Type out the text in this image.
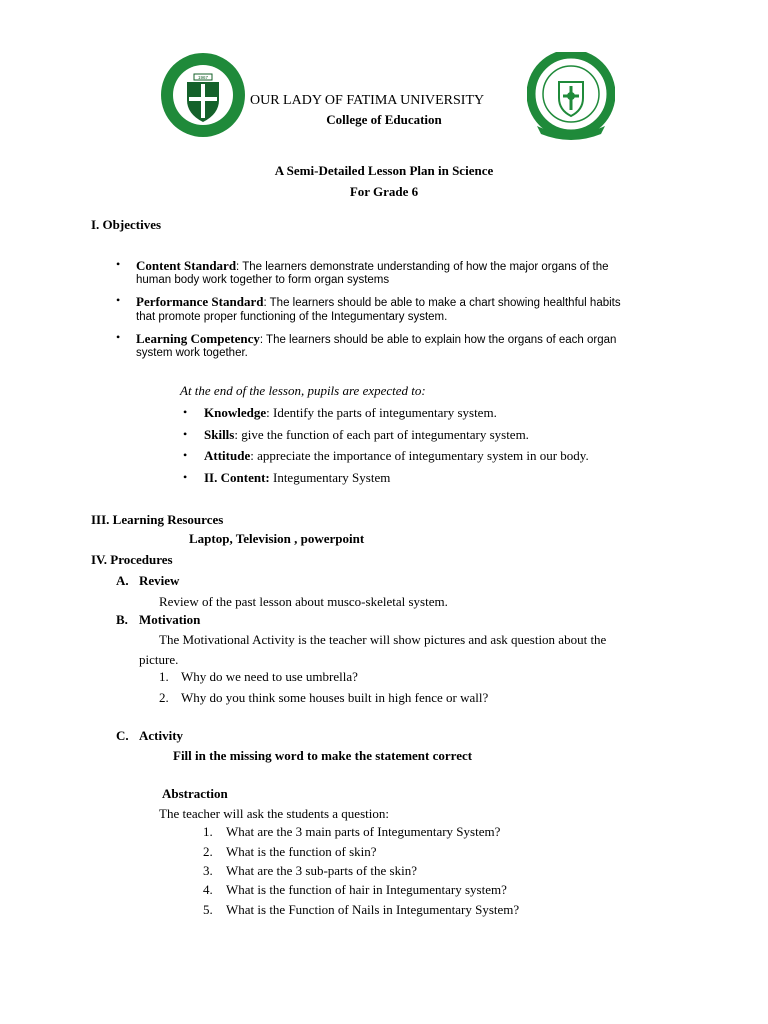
1967
OUR LADY OF FATIMA UNIVERSITY
College of Education
A Semi-Detailed Lesson Plan in Science
For Grade 6
I. Objectives
• Content Standard: The learners demonstrate understanding of how the major organs of the
human body work together to form organ systems
• Performance Standard: The learners should be able to make a chart showing healthful habits
that promote proper functioning of the Integumentary system.
• Learning Competency: The learners should be able to explain how the organs of each organ
system work together.
At the end of the lesson, pupils are expected to:
• Knowledge: Identify the parts of integumentary system.
• Skills: give the function of each part of integumentary system.
• Attitude: appreciate the importance of integumentary system in our body.
• II. Content: Integumentary System
III. Learning Resources
Laptop, Television , powerpoint
IV. Procedures
A. Review
Review of the past lesson about musco-skeletal system.
B. Motivation
The Motivational Activity is the teacher will show pictures and ask question about the
picture.
1. Why do we need to use umbrella?
2. Why do you think some houses built in high fence or wall?
C. Activity
Fill in the missing word to make the statement correct
Abstraction
The teacher will ask the students a question:
1. What are the 3 main parts of Integumentary System?
2. What is the function of skin?
3. What are the 3 sub-parts of the skin?
4. What is the function of hair in Integumentary system?
5. What is the Function of Nails in Integumentary System?
